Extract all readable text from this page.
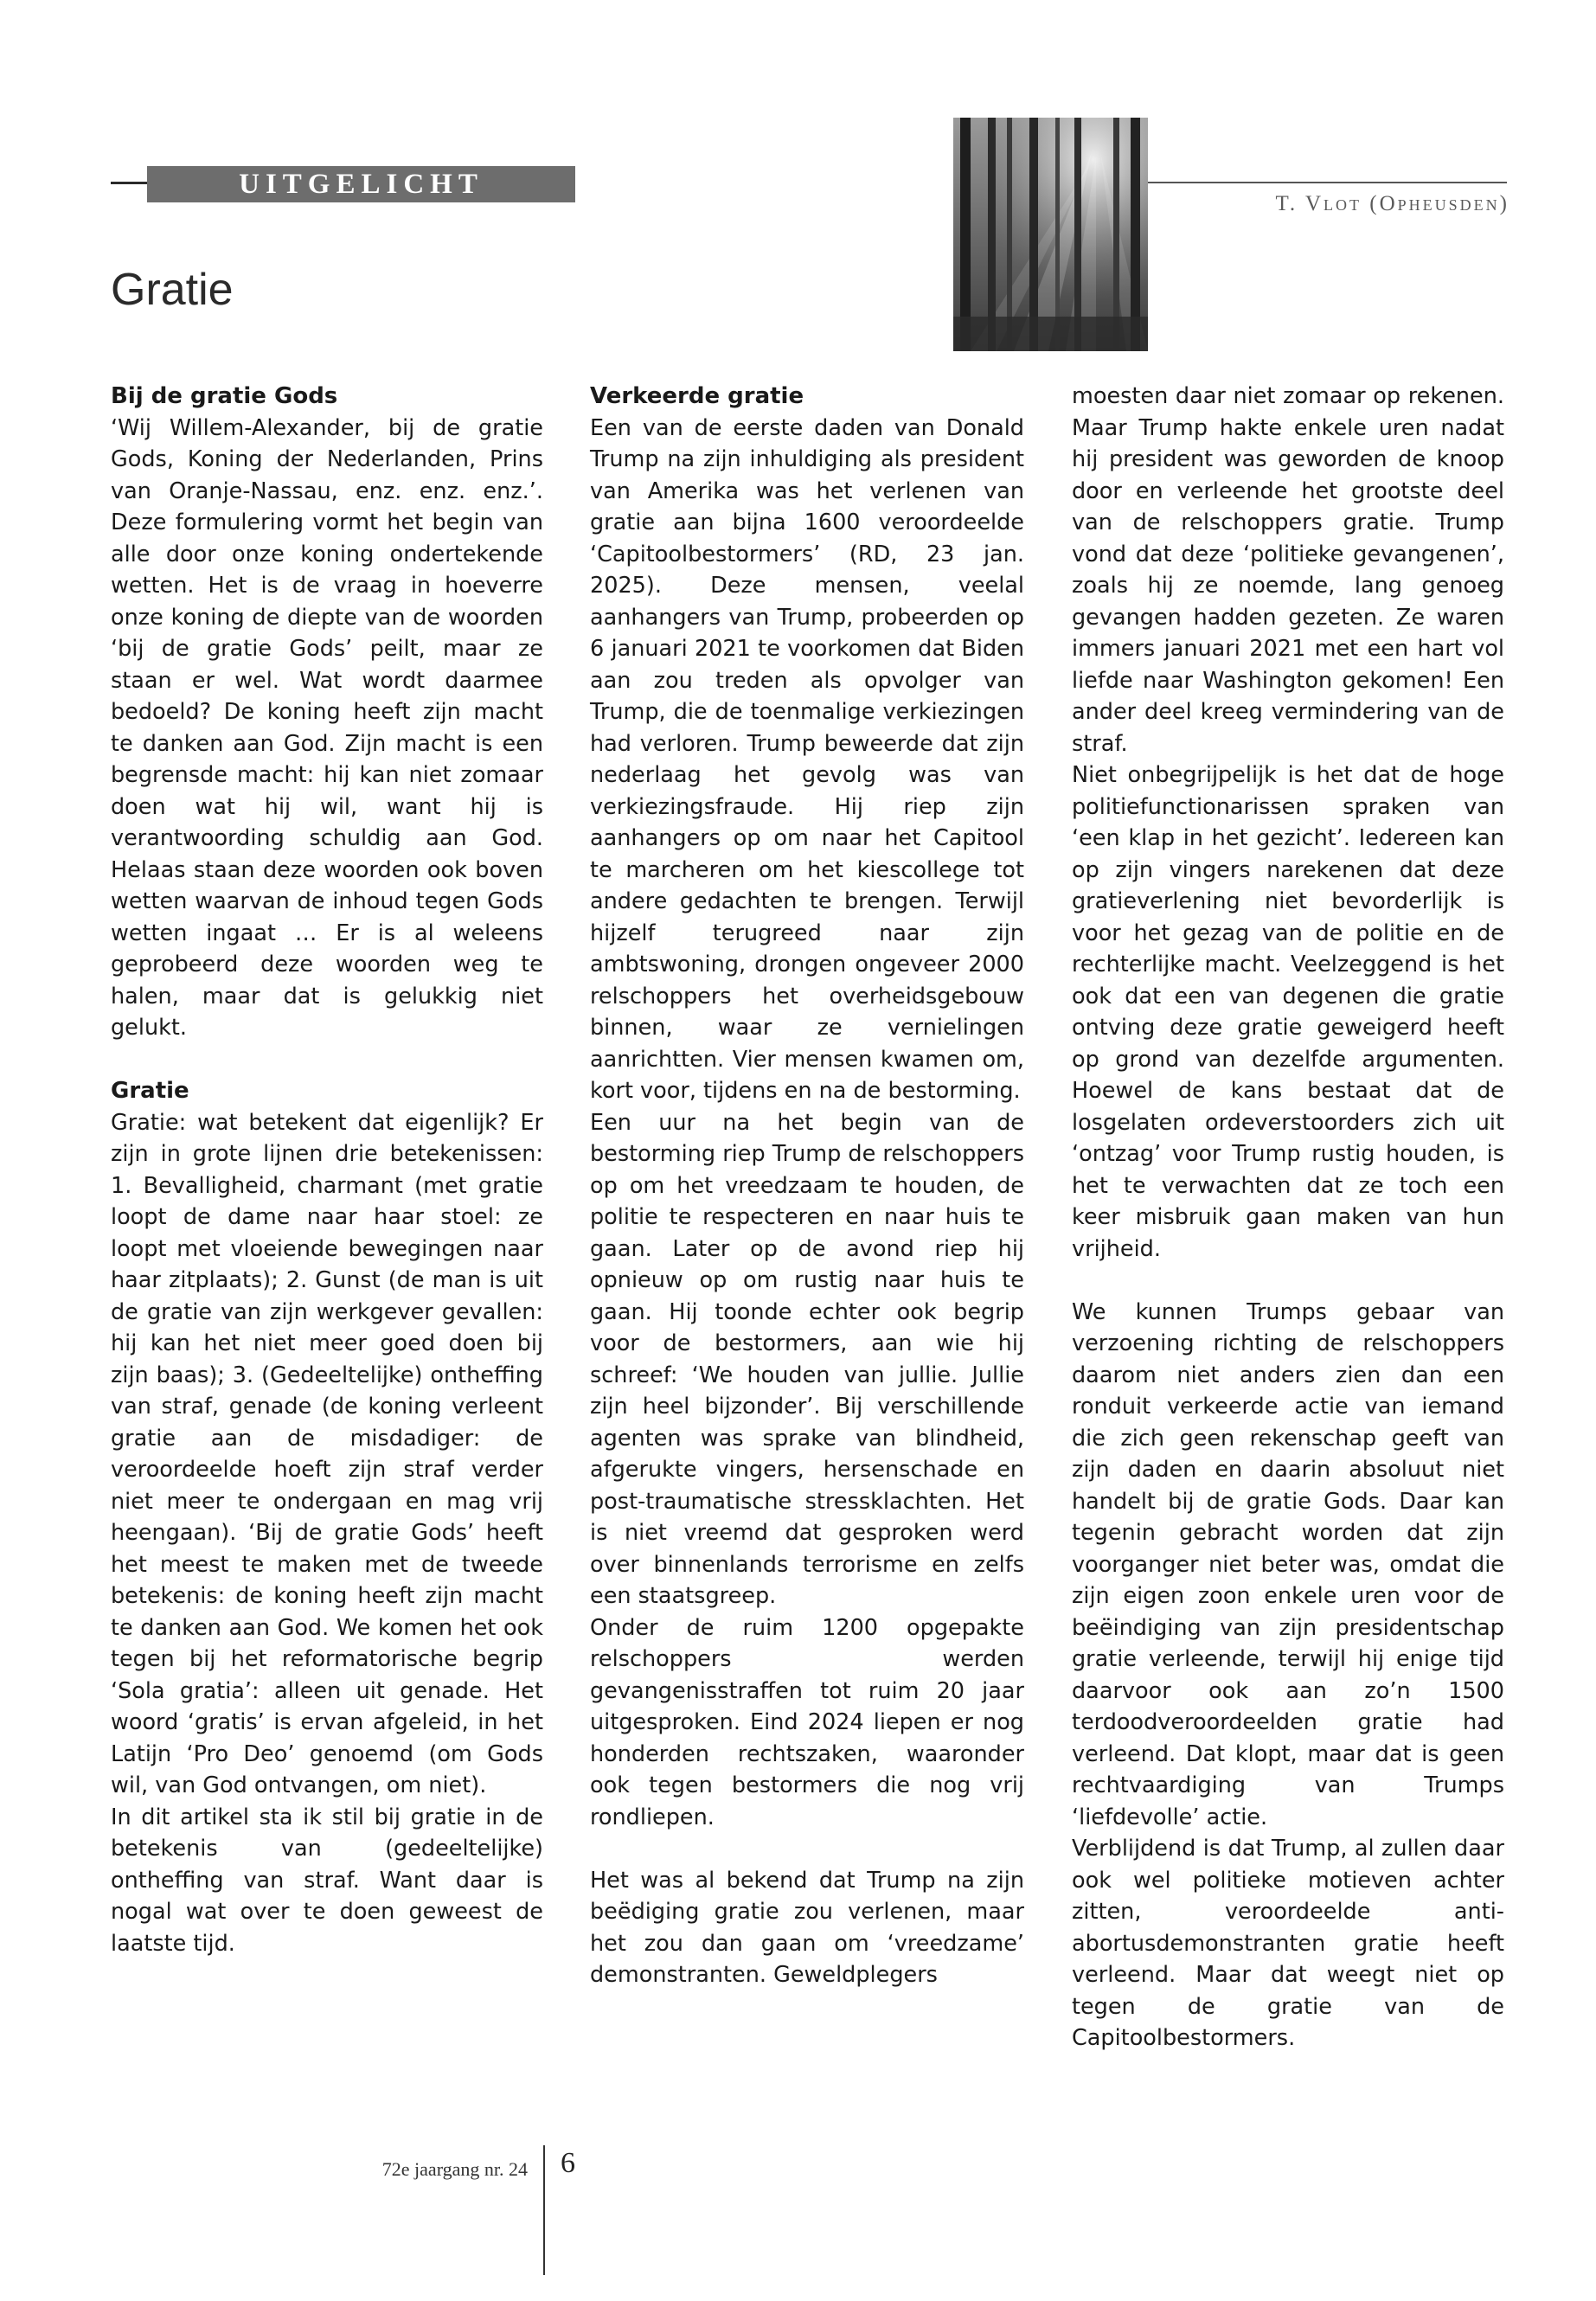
UITGELICHT
T. Vlot (Opheusden)
Gratie
Bij de gratie Gods

‘Wij Willem-Alexander, bij de gratie Gods, Koning der Nederlanden, Prins van Oranje-Nassau, enz. enz. enz.’. Deze formulering vormt het begin van alle door onze koning ondertekende wetten. Het is de vraag in hoeverre onze koning de diepte van de woorden ‘bij de gratie Gods’ peilt, maar ze staan er wel. Wat wordt daarmee bedoeld? De koning heeft zijn macht te danken aan God. Zijn macht is een begrensde macht: hij kan niet zomaar doen wat hij wil, want hij is verantwoording schuldig aan God. Helaas staan deze woorden ook boven wetten waarvan de inhoud tegen Gods wetten ingaat … Er is al weleens geprobeerd deze woorden weg te halen, maar dat is gelukkig niet gelukt.

Gratie

Gratie: wat betekent dat eigenlijk? Er zijn in grote lijnen drie betekenissen: 1. Bevalligheid, charmant (met gratie loopt de dame naar haar stoel: ze loopt met vloeiende bewegingen naar haar zitplaats); 2. Gunst (de man is uit de gratie van zijn werkgever gevallen: hij kan het niet meer goed doen bij zijn baas); 3. (Gedeeltelijke) ontheffing van straf, genade (de koning verleent gratie aan de misdadiger: de veroordeelde hoeft zijn straf verder niet meer te ondergaan en mag vrij heengaan). ‘Bij de gratie Gods’ heeft het meest te maken met de tweede betekenis: de koning heeft zijn macht te danken aan God. We komen het ook tegen bij het reformatorische begrip ‘Sola gratia’: alleen uit genade. Het woord ‘gratis’ is ervan afgeleid, in het Latijn ‘Pro Deo’ genoemd (om Gods wil, van God ontvangen, om niet).

In dit artikel sta ik stil bij gratie in de betekenis van (gedeeltelijke) ontheffing van straf. Want daar is nogal wat over te doen geweest de laatste tijd.

Verkeerde gratie

Een van de eerste daden van Donald Trump na zijn inhuldiging als president van Amerika was het verlenen van gratie aan bijna 1600 veroordeelde ‘Capitoolbestormers’ (RD, 23 jan. 2025). Deze mensen, veelal aanhangers van Trump, probeerden op 6 januari 2021 te voorkomen dat Biden aan zou treden als opvolger van Trump, die de toenmalige verkiezingen had verloren. Trump beweerde dat zijn nederlaag het gevolg was van verkiezingsfraude. Hij riep zijn aanhangers op om naar het Capitool te marcheren om het kiescollege tot andere gedachten te brengen. Terwijl hijzelf terugreed naar zijn ambtswoning, drongen ongeveer 2000 relschoppers het overheidsgebouw binnen, waar ze vernielingen aanrichtten. Vier mensen kwamen om, kort voor, tijdens en na de bestorming.

Een uur na het begin van de bestorming riep Trump de relschoppers op om het vreedzaam te houden, de politie te respecteren en naar huis te gaan. Later op de avond riep hij opnieuw op om rustig naar huis te gaan. Hij toonde echter ook begrip voor de bestormers, aan wie hij schreef: ‘We houden van jullie. Jullie zijn heel bijzonder’. Bij verschillende agenten was sprake van blindheid, afgerukte vingers, hersenschade en post-traumatische stressklachten. Het is niet vreemd dat gesproken werd over binnenlands terrorisme en zelfs een staatsgreep.

Onder de ruim 1200 opgepakte relschoppers werden gevangenisstraffen tot ruim 20 jaar uitgesproken. Eind 2024 liepen er nog honderden rechtszaken, waaronder ook tegen bestormers die nog vrij rondliepen.

Het was al bekend dat Trump na zijn beëdiging gratie zou verlenen, maar het zou dan gaan om ‘vreedzame’ demonstranten. Geweldplegers

moesten daar niet zomaar op rekenen. Maar Trump hakte enkele uren nadat hij president was geworden de knoop door en verleende het grootste deel van de relschoppers gratie. Trump vond dat deze ‘politieke gevangenen’, zoals hij ze noemde, lang genoeg gevangen hadden gezeten. Ze waren immers januari 2021 met een hart vol liefde naar Washington gekomen! Een ander deel kreeg vermindering van de straf.

Niet onbegrijpelijk is het dat de hoge politiefunctionarissen spraken van ‘een klap in het gezicht’. Iedereen kan op zijn vingers narekenen dat deze gratieverlening niet bevorderlijk is voor het gezag van de politie en de rechterlijke macht. Veelzeggend is het ook dat een van degenen die gratie ontving deze gratie geweigerd heeft op grond van dezelfde argumenten. Hoewel de kans bestaat dat de losgelaten ordeverstoorders zich uit ‘ontzag’ voor Trump rustig houden, is het te verwachten dat ze toch een keer misbruik gaan maken van hun vrijheid.

We kunnen Trumps gebaar van verzoening richting de relschoppers daarom niet anders zien dan een ronduit verkeerde actie van iemand die zich geen rekenschap geeft van zijn daden en daarin absoluut niet handelt bij de gratie Gods. Daar kan tegenin gebracht worden dat zijn voorganger niet beter was, omdat die zijn eigen zoon enkele uren voor de beëindiging van zijn presidentschap gratie verleende, terwijl hij enige tijd daarvoor ook aan zo’n 1500 terdoodveroordeelden gratie had verleend. Dat klopt, maar dat is geen rechtvaardiging van Trumps ‘liefdevolle’ actie.

Verblijdend is dat Trump, al zullen daar ook wel politieke motieven achter zitten, veroordeelde anti-abortusdemonstranten gratie heeft verleend. Maar dat weegt niet op tegen de gratie van de Capitoolbestormers.

72e jaargang nr. 24 6
